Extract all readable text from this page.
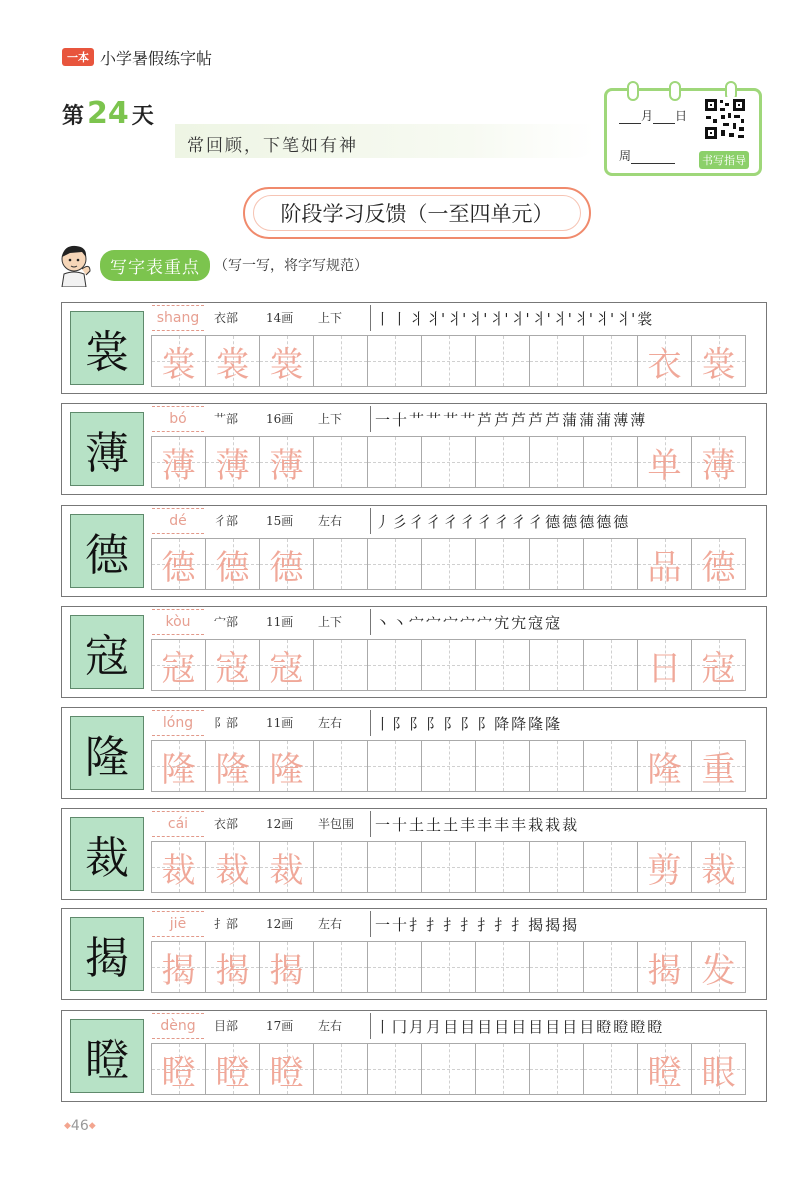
一本 小学暑假练字帖
第 24 天
常回顾，下笔如有神
月 日
周	书写指导
阶段学习反馈（一至四单元）
写字表重点	（写一写，将字写规范）
裳
shang	衣部 14画 上下 丨 丨 丬 丬' 丬' 丬' 丬' 丬' 丬' 丬' 丬' 丬' 丬' 裳
裳 裳 裳	衣 裳
薄
bó	艹部 16画 上下 一 十 艹 艹 艹 艹 芦 芦 芦 芦 芦 蒲 蒲 蒲 薄 薄
薄 薄 薄	单 薄
德
dé	彳部 15画 左右 丿 彡 彳 彳 彳 彳 彳 彳 彳 彳 德 德 德 德 德
德 德 德	品 德
寇
kòu	宀部 11画 上下 丶 丶 宀 宀 宀 宀 宀 宄 宄 寇 寇
寇 寇 寇	日 寇
隆
lóng	阝部 11画 左右 丨 阝 阝 阝 阝 阝 阝 降 降 隆 隆
隆 隆 隆	隆 重
裁
cái	衣部 12画 半包围 一 十 土 土 土 丰 丰 丰 丰 栽 栽 裁
裁 裁 裁	剪 裁
揭
jiē	扌部 12画 左右 一 十 扌 扌 扌 扌 扌 扌 扌 揭 揭 揭
揭 揭 揭	揭 发
瞪
dèng	目部 17画 左右 丨 冂 月 月 目 目 目 目 目 目 目 目 目 瞪 瞪 瞪 瞪
瞪 瞪 瞪	瞪 眼
◆46◆
